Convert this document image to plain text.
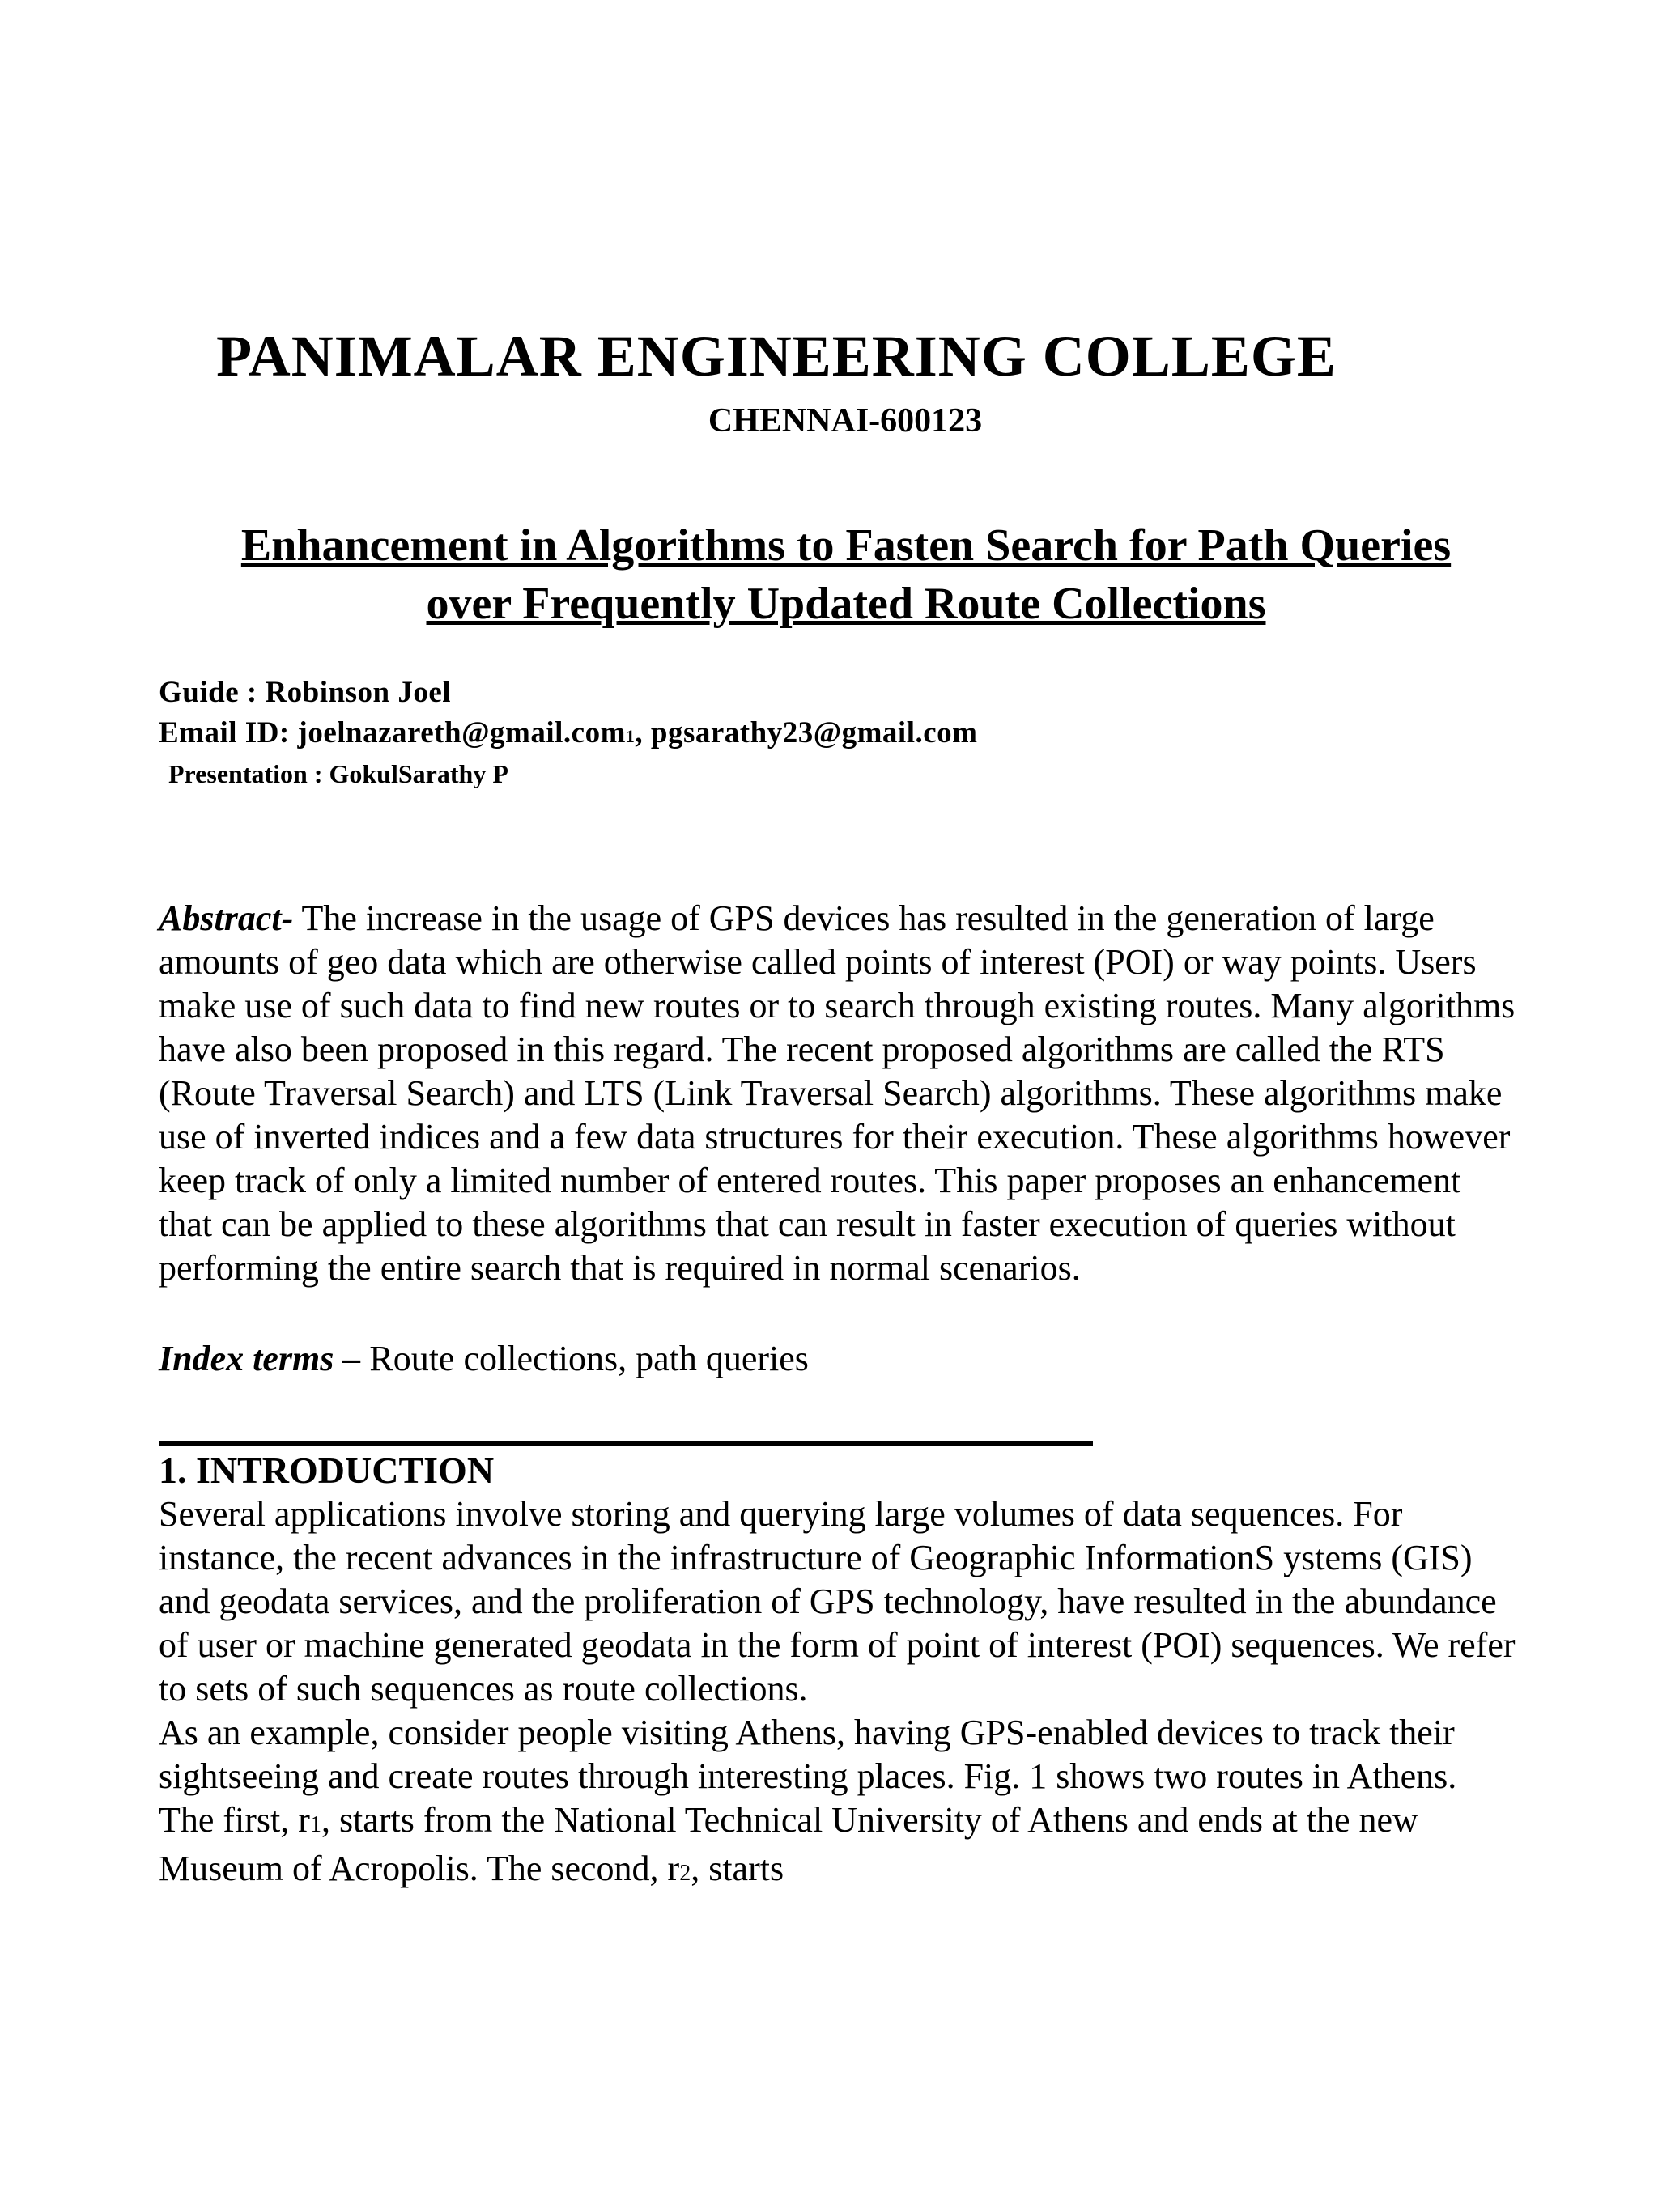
PANIMALAR ENGINEERING COLLEGE
CHENNAI-600123
Enhancement in Algorithms to Fasten Search for Path Queries
over Frequently Updated Route Collections
Guide : Robinson Joel
Email ID: joelnazareth@gmail.com1, pgsarathy23@gmail.com
Presentation : GokulSarathy P

Abstract- The increase in the usage of GPS devices has resulted in the generation of large amounts of geo data which are otherwise called points of interest (POI) or way points. Users make use of such data to find new routes or to search through existing routes. Many algorithms have also been proposed in this regard. The recent proposed algorithms are called the RTS (Route Traversal Search) and LTS (Link Traversal Search) algorithms. These algorithms make use of inverted indices and a few data structures for their execution. These algorithms however keep track of only a limited number of entered routes. This paper proposes an enhancement that can be applied to these algorithms that can result in faster execution of queries without performing the entire search that is required in normal scenarios.

Index terms – Route collections, path queries

1. INTRODUCTION

Several applications involve storing and querying large volumes of data sequences. For instance, the recent advances in the infrastructure of Geographic InformationS ystems (GIS) and geodata services, and the proliferation of GPS technology, have resulted in the abundance of user or machine generated geodata in the form of point of interest (POI) sequences. We refer to sets of such sequences as route collections.

As an example, consider people visiting Athens, having GPS-enabled devices to track their sightseeing and create routes through interesting places. Fig. 1 shows two routes in Athens. The first, r1, starts from the National Technical University of Athens and ends at the new Museum of Acropolis. The second, r2, starts
